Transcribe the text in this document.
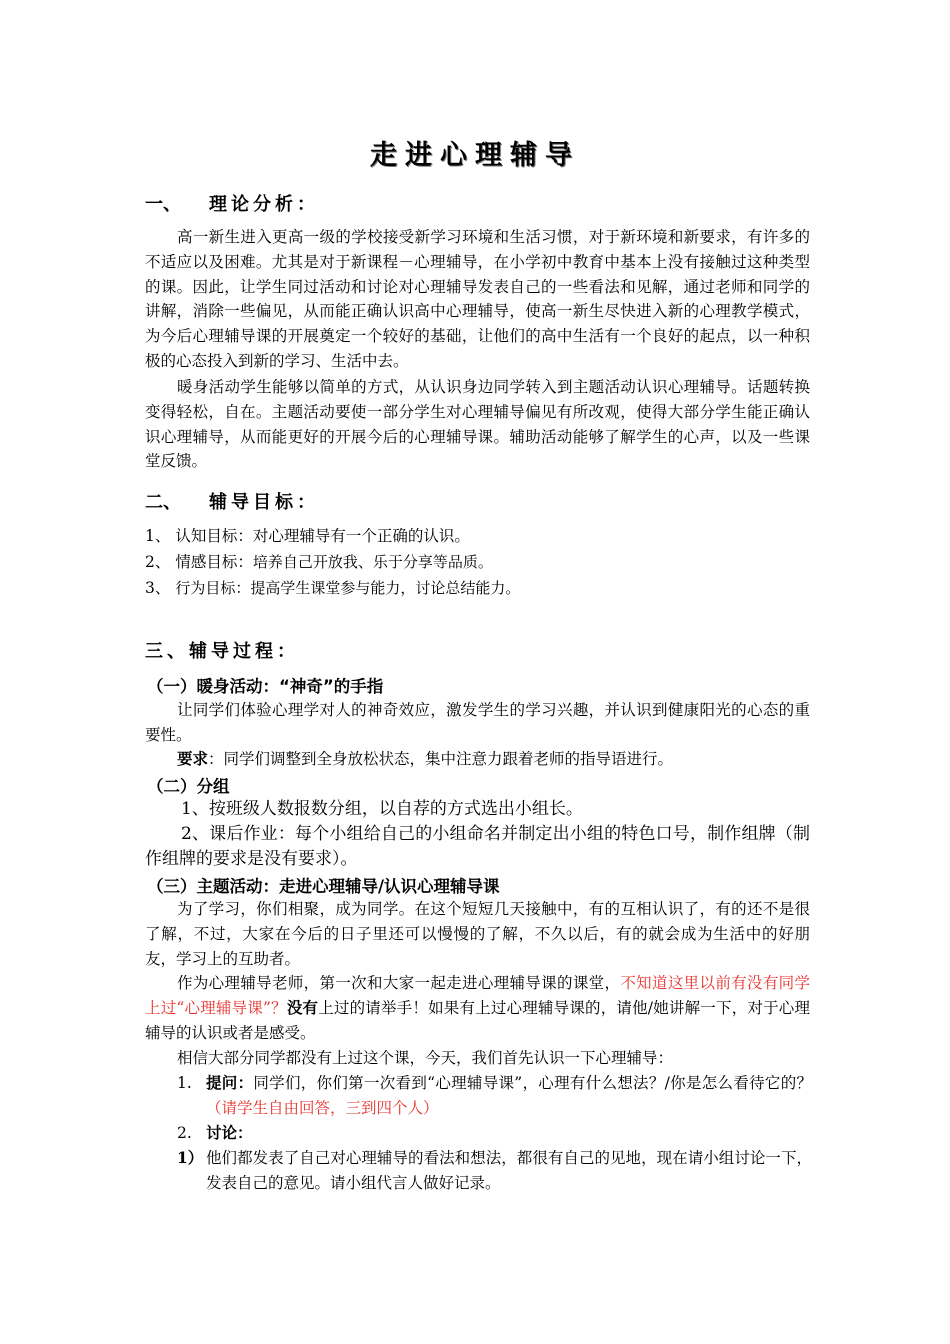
走进心理辅导
一、 理论分析：
高一新生进入更高一级的学校接受新学习环境和生活习惯，对于新环境和新要求，有许多的不适应以及困难。尤其是对于新课程－心理辅导，在小学初中教育中基本上没有接触过这种类型的课。因此，让学生同过活动和讨论对心理辅导发表自己的一些看法和见解，通过老师和同学的讲解，消除一些偏见，从而能正确认识高中心理辅导，使高一新生尽快进入新的心理教学模式，为今后心理辅导课的开展奠定一个较好的基础，让他们的高中生活有一个良好的起点，以一种积极的心态投入到新的学习、生活中去。
暖身活动学生能够以简单的方式，从认识身边同学转入到主题活动认识心理辅导。话题转换变得轻松，自在。主题活动要使一部分学生对心理辅导偏见有所改观，使得大部分学生能正确认识心理辅导，从而能更好的开展今后的心理辅导课。辅助活动能够了解学生的心声，以及一些课堂反馈。
二、 辅导目标：
1、 认知目标：对心理辅导有一个正确的认识。
2、 情感目标：培养自己开放我、乐于分享等品质。
3、 行为目标：提高学生课堂参与能力，讨论总结能力。
三、辅导过程：
（一）暖身活动：“神奇”的手指
让同学们体验心理学对人的神奇效应，激发学生的学习兴趣，并认识到健康阳光的心态的重要性。
要求：同学们调整到全身放松状态，集中注意力跟着老师的指导语进行。
（二）分组
1、按班级人数报数分组，以自荐的方式选出小组长。
2、课后作业：每个小组给自己的小组命名并制定出小组的特色口号，制作组牌（制作组牌的要求是没有要求）。
（三）主题活动：走进心理辅导/认识心理辅导课
为了学习，你们相聚，成为同学。在这个短短几天接触中，有的互相认识了，有的还不是很了解，不过，大家在今后的日子里还可以慢慢的了解，不久以后，有的就会成为生活中的好朋友，学习上的互助者。
作为心理辅导老师，第一次和大家一起走进心理辅导课的课堂，不知道这里以前有没有同学上过“心理辅导课”？没有上过的请举手！如果有上过心理辅导课的，请他/她讲解一下，对于心理辅导的认识或者是感受。
相信大部分同学都没有上过这个课，今天，我们首先认识一下心理辅导：
1. 提问：同学们，你们第一次看到“心理辅导课”，心理有什么想法？/你是怎么看待它的？（请学生自由回答，三到四个人）
2. 讨论：
1） 他们都发表了自己对心理辅导的看法和想法，都很有自己的见地，现在请小组讨论一下，发表自己的意见。请小组代言人做好记录。
